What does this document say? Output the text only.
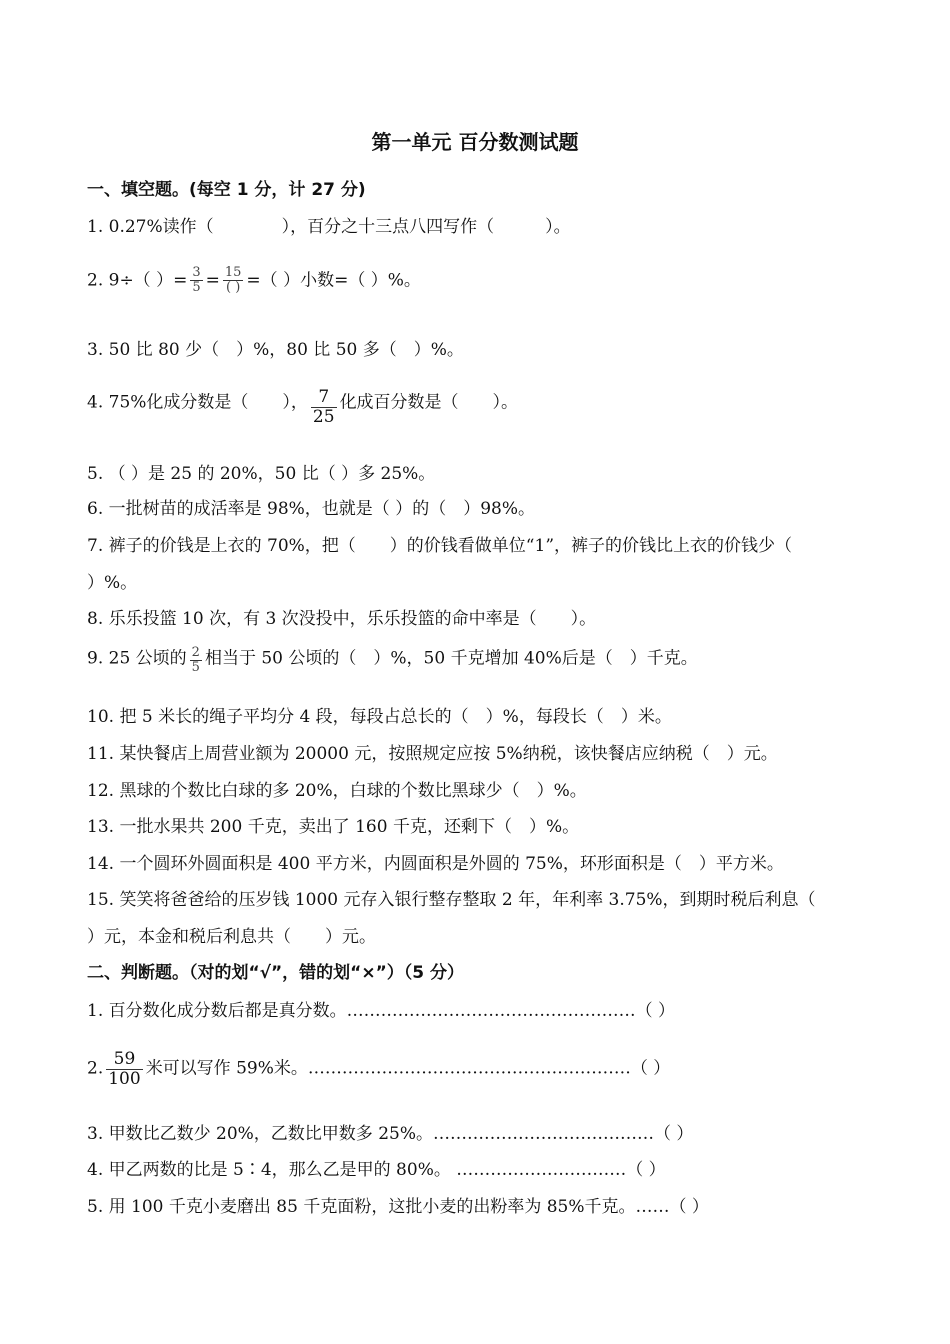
第一单元 百分数测试题
一、填空题。(每空 1 分，计 27 分)
1. 0.27%读作（　　　　），百分之十三点八四写作（　　　）。
2. 9÷（ ）= $\frac{3}{5} = \frac{15}{( )}$ =（ ）小数=（ ）%。
3. 50 比 80 少（　）%，80 比 50 多（　）%。
4. 75%化成分数是（　　）， $\frac{7}{25}$ 化成百分数是（　　）。
5. （ ）是 25 的 20%，50 比（ ）多 25%。
6. 一批树苗的成活率是 98%，也就是（ ）的（　）98%。
7. 裤子的价钱是上衣的 70%，把（　　）的价钱看做单位“1”，裤子的价钱比上衣的价钱少（
）%。
8. 乐乐投篮 10 次，有 3 次没投中，乐乐投篮的命中率是（　　）。
9. 25 公顷的 $\frac{2}{5}$ 相当于 50 公顷的（　）%，50 千克增加 40%后是（　）千克。
10. 把 5 米长的绳子平均分 4 段，每段占总长的（　）%，每段长（　）米。
11. 某快餐店上周营业额为 20000 元，按照规定应按 5%纳税，该快餐店应纳税（　）元。
12. 黑球的个数比白球的多 20%，白球的个数比黑球少（　）%。
13. 一批水果共 200 千克，卖出了 160 千克，还剩下（　）%。
14. 一个圆环外圆面积是 400 平方米，内圆面积是外圆的 75%，环形面积是（　）平方米。
15. 笑笑将爸爸给的压岁钱 1000 元存入银行整存整取 2 年，年利率 3.75%，到期时税后利息（
）元，本金和税后利息共（　　）元。
二、判断题。（对的划“√”，错的划“×”）（5 分）
1. 百分数化成分数后都是真分数。……………………………………………（ ）
2. $\frac{59}{100}$ 米可以写作 59%米。…………………………………………………（ ）
3. 甲数比乙数少 20%，乙数比甲数多 25%。…………………………………（ ）
4. 甲乙两数的比是 5∶4，那么乙是甲的 80%。 …………………………（ ）
5. 用 100 千克小麦磨出 85 千克面粉，这批小麦的出粉率为 85%千克。……（ ）
